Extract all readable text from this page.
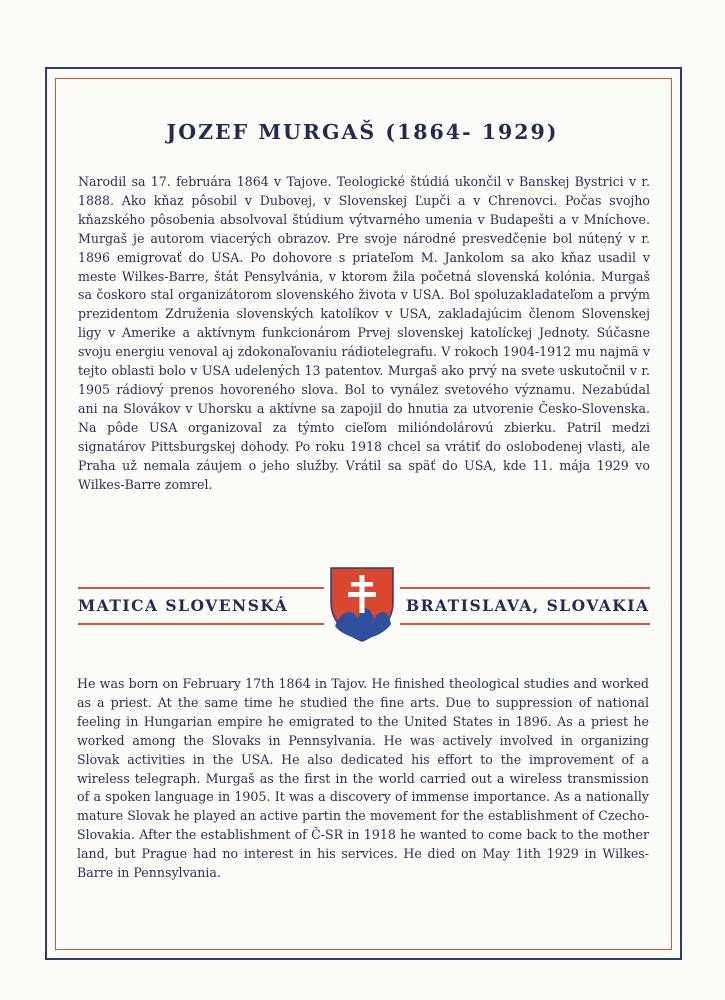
JOZEF MURGAŠ (1864- 1929)

Narodil sa 17. februára 1864 v Tajove. Teologické štúdiá ukončil v Banskej Bystrici v r. 1888. Ako kňaz pôsobil v Dubovej, v Slovenskej Ľupči a v Chrenovci. Počas svojho kňazského pôsobenia absolvoval štúdium výtvarného umenia v Budapešti a v Mníchove. Murgaš je autorom viacerých obrazov. Pre svoje národné presvedčenie bol nútený v r. 1896 emigrovať do USA. Po dohovore s priateľom M. Jankolom sa ako kňaz usadil v meste Wilkes-Barre, štát Pensylvánia, v ktorom žila početná slovenská kolónia. Murgaš sa čoskoro stal organizátorom slovenského života v USA. Bol spoluzakladateľom a prvým prezidentom Združenia slovenských katolíkov v USA, zakladajúcim členom Slovenskej ligy v Amerike a aktívnym funkcionárom Prvej slovenskej katolíckej Jednoty. Súčasne svoju energiu venoval aj zdokonaľovaniu rádiotelegrafu. V rokoch 1904-1912 mu najmä v tejto oblasti bolo v USA udelených 13 patentov. Murgaš ako prvý na svete uskutočnil v r. 1905 rádiový prenos hovoreného slova. Bol to vynález svetového významu. Nezabúdal ani na Slovákov v Uhorsku a aktívne sa zapojil do hnutia za utvorenie Česko-Slovenska. Na pôde USA organizoval za týmto cieľom milióndolárovú zbierku. Patril medzi signatárov Pittsburgskej dohody. Po roku 1918 chcel sa vrátiť do oslobodenej vlasti, ale Praha už nemala záujem o jeho služby. Vrátil sa späť do USA, kde 11. mája 1929 vo Wilkes-Barre zomrel.

MATICA SLOVENSKÁ	BRATISLAVA, SLOVAKIA

He was born on February 17th 1864 in Tajov. He finished theological studies and worked as a priest. At the same time he studied the fine arts. Due to suppression of national feeling in Hungarian empire he emigrated to the United States in 1896. As a priest he worked among the Slovaks in Pennsylvania. He was actively involved in organizing Slovak activities in the USA. He also dedicated his effort to the improvement of a wireless telegraph. Murgaš as the first in the world carried out a wireless transmission of a spoken language in 1905. It was a discovery of immense importance. As a nationally mature Slovak he played an active partin the movement for the establishment of Czecho-Slovakia. After the establishment of Č-SR in 1918 he wanted to come back to the mother land, but Prague had no interest in his services. He died on May 1ith 1929 in Wilkes-Barre in Pennsylvania.
